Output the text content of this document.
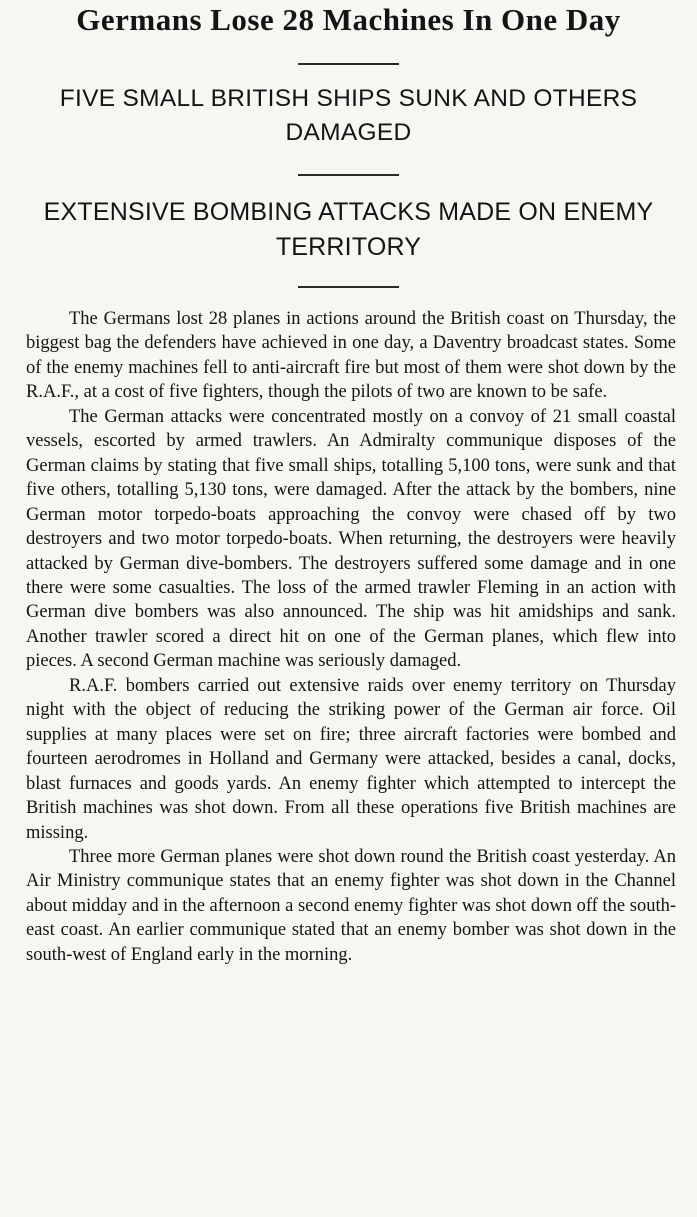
Germans Lose 28 Machines In One Day
FIVE SMALL BRITISH SHIPS SUNK AND OTHERS DAMAGED
EXTENSIVE BOMBING ATTACKS MADE ON ENEMY TERRITORY

The Germans lost 28 planes in actions around the British coast on Thursday, the biggest bag the defenders have achieved in one day, a Daventry broadcast states. Some of the enemy machines fell to anti-aircraft fire but most of them were shot down by the R.A.F., at a cost of five fighters, though the pilots of two are known to be safe.

The German attacks were concentrated mostly on a convoy of 21 small coastal vessels, escorted by armed trawlers. An Admiralty communique disposes of the German claims by stating that five small ships, totalling 5,100 tons, were sunk and that five others, totalling 5,130 tons, were damaged. After the attack by the bombers, nine German motor torpedo-boats approaching the convoy were chased off by two destroyers and two motor torpedo-boats. When returning, the destroyers were heavily attacked by German dive-bombers. The destroyers suffered some damage and in one there were some casualties. The loss of the armed trawler Fleming in an action with German dive bombers was also announced. The ship was hit amidships and sank. Another trawler scored a direct hit on one of the German planes, which flew into pieces. A second German machine was seriously damaged.

R.A.F. bombers carried out extensive raids over enemy territory on Thursday night with the object of reducing the striking power of the German air force. Oil supplies at many places were set on fire; three aircraft factories were bombed and fourteen aerodromes in Holland and Germany were attacked, besides a canal, docks, blast furnaces and goods yards. An enemy fighter which attempted to intercept the British machines was shot down. From all these operations five British machines are missing.

Three more German planes were shot down round the British coast yesterday. An Air Ministry communique states that an enemy fighter was shot down in the Channel about midday and in the afternoon a second enemy fighter was shot down off the south-east coast. An earlier communique stated that an enemy bomber was shot down in the south-west of England early in the morning.
